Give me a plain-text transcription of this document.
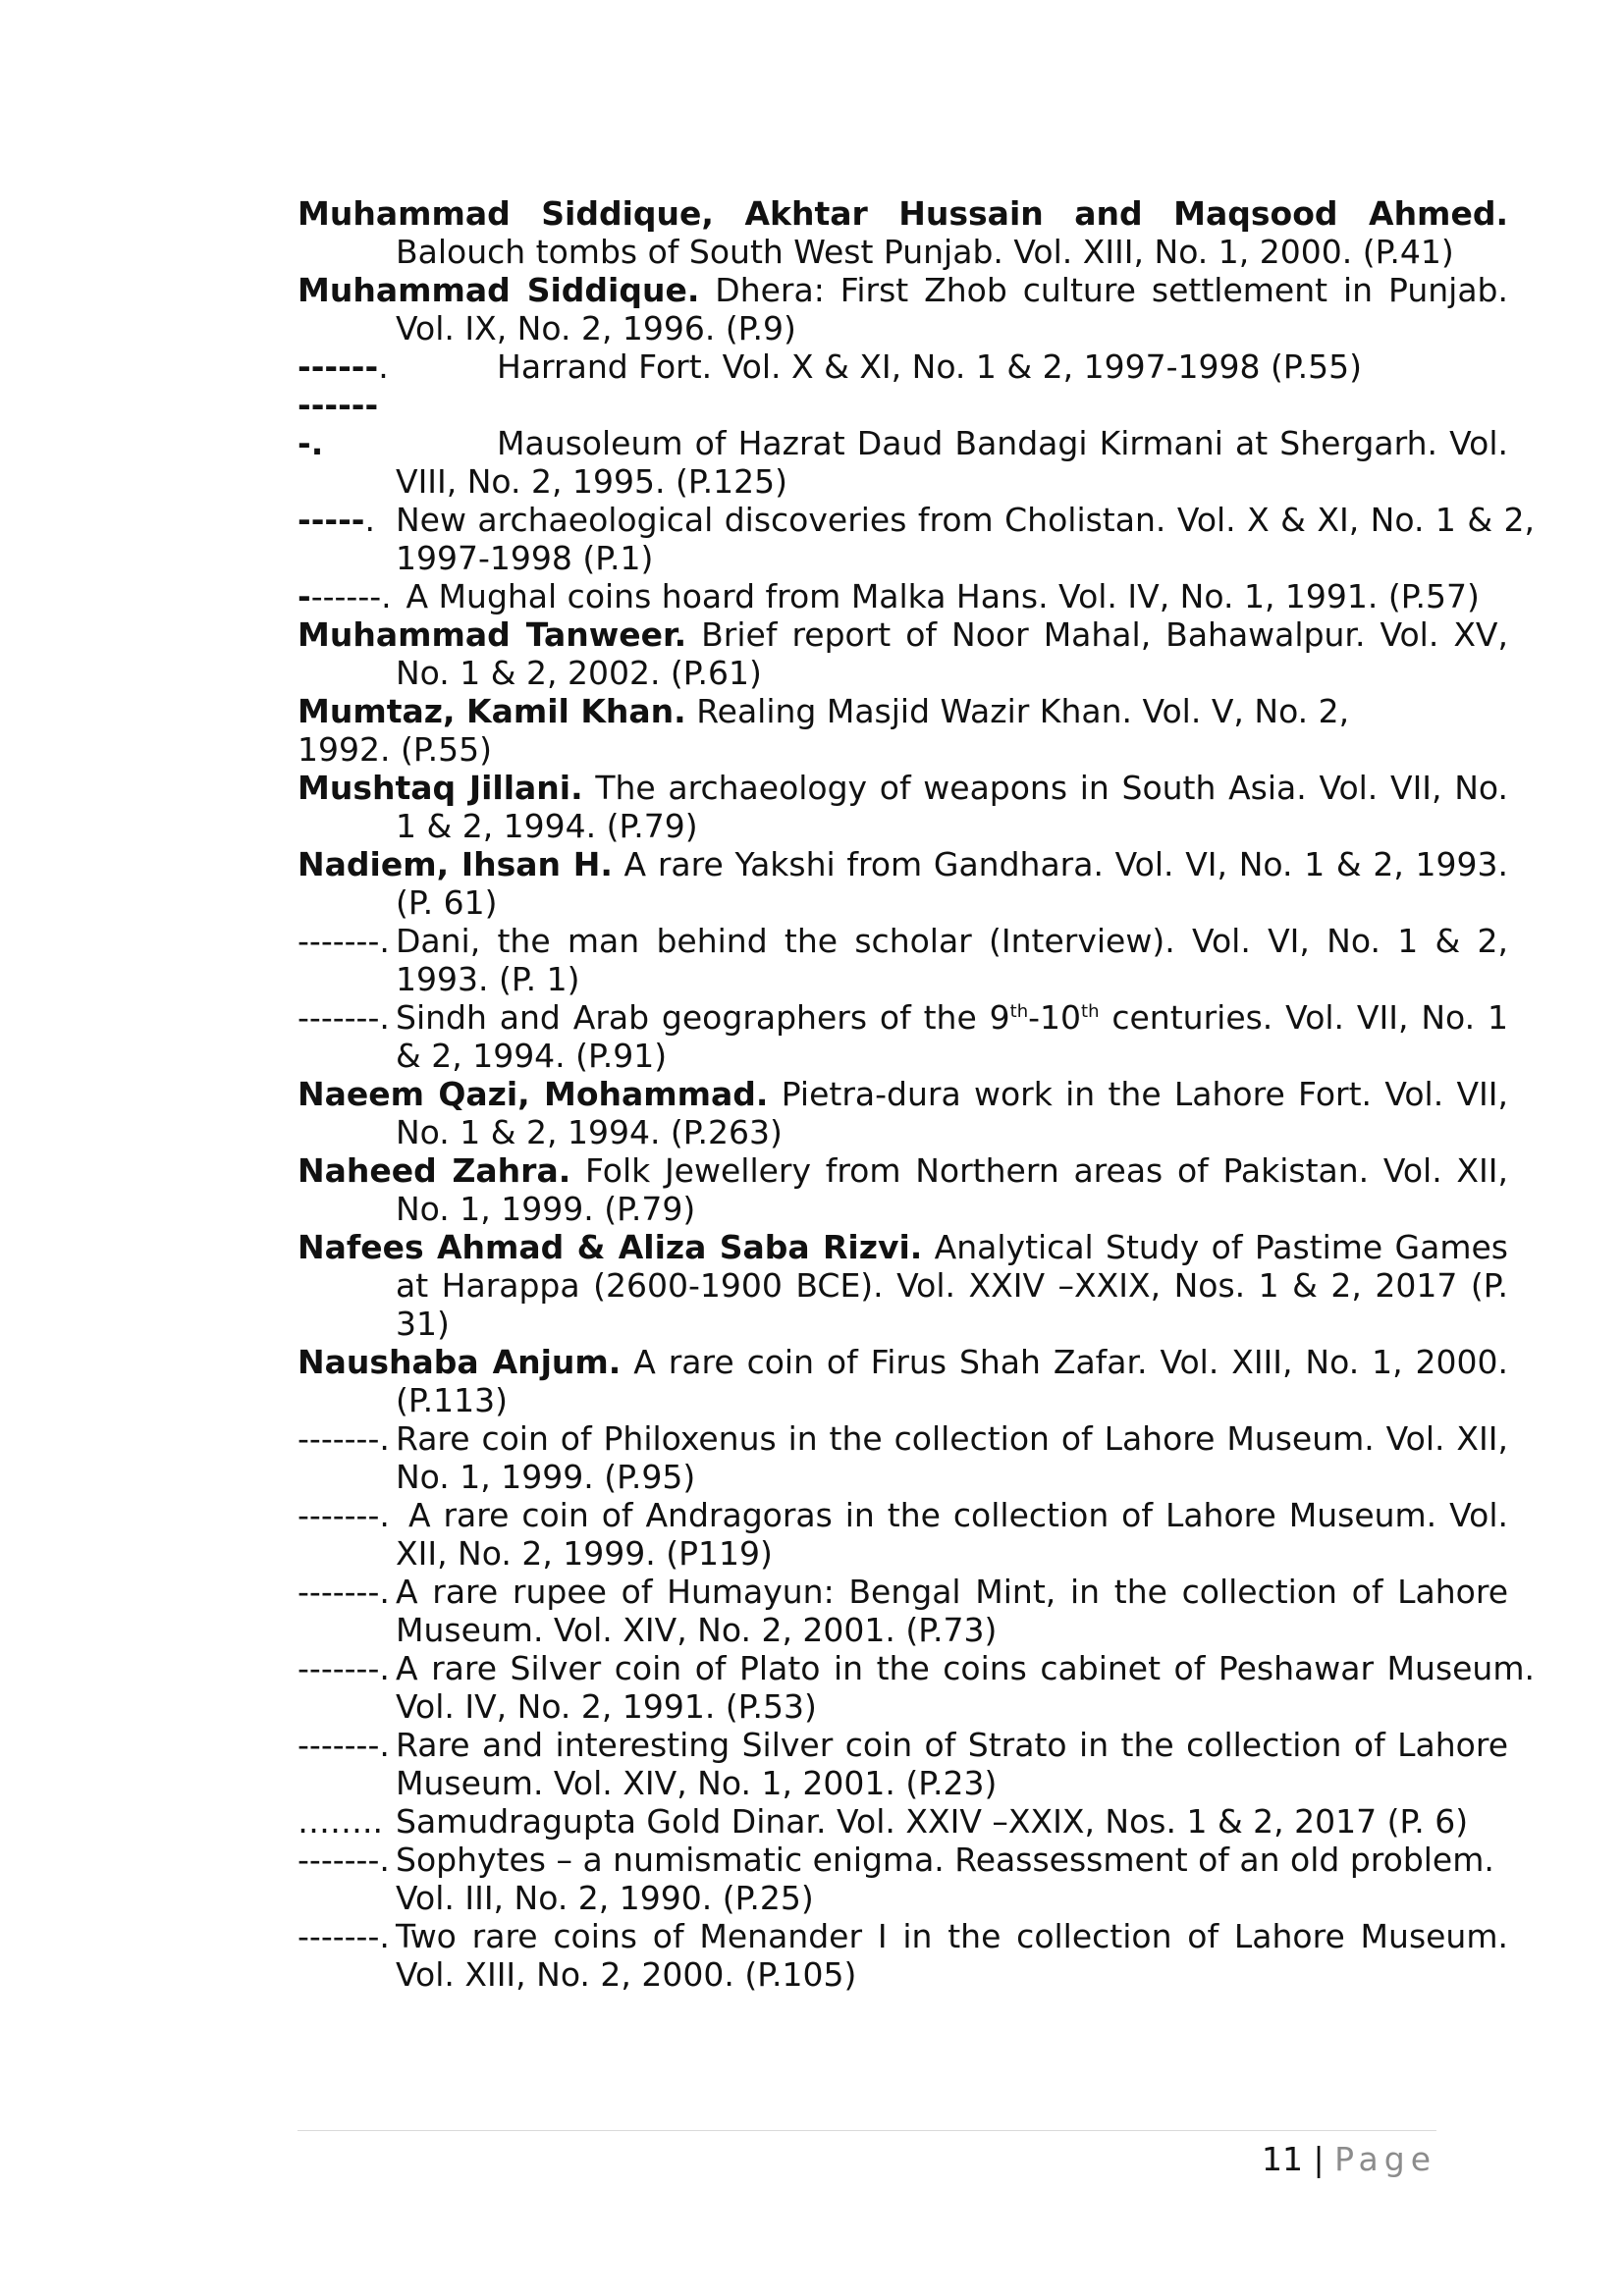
Muhammad Siddique, Akhtar Hussain and Maqsood Ahmed. Balouch tombs of South West Punjab. Vol. XIII, No. 1, 2000. (P.41)
Muhammad Siddique. Dhera: First Zhob culture settlement in Punjab. Vol. IX, No. 2, 1996. (P.9)
------.	Harrand Fort. Vol. X & XI, No. 1 & 2, 1997-1998 (P.55)
-------.	Mausoleum of Hazrat Daud Bandagi Kirmani at Shergarh. Vol. VIII, No. 2, 1995. (P.125)
-----. New archaeological discoveries from Cholistan. Vol. X & XI, No. 1 & 2, 1997-1998 (P.1)
-------. A Mughal coins hoard from Malka Hans. Vol. IV, No. 1, 1991. (P.57)
Muhammad Tanweer. Brief report of Noor Mahal, Bahawalpur. Vol. XV, No. 1 & 2, 2002. (P.61)
Mumtaz, Kamil Khan. Realing Masjid Wazir Khan. Vol. V, No. 2, 1992. (P.55)
Mushtaq Jillani. The archaeology of weapons in South Asia. Vol. VII, No. 1 & 2, 1994. (P.79)
Nadiem, Ihsan H. A rare Yakshi from Gandhara. Vol. VI, No. 1 & 2, 1993. (P. 61)
-------. Dani, the man behind the scholar (Interview). Vol. VI, No. 1 & 2, 1993. (P. 1)
-------. Sindh and Arab geographers of the 9th-10th centuries. Vol. VII, No. 1 & 2, 1994. (P.91)
Naeem Qazi, Mohammad. Pietra-dura work in the Lahore Fort. Vol. VII, No. 1 & 2, 1994. (P.263)
Naheed Zahra. Folk Jewellery from Northern areas of Pakistan. Vol. XII, No. 1, 1999. (P.79)
Nafees Ahmad & Aliza Saba Rizvi. Analytical Study of Pastime Games at Harappa (2600-1900 BCE). Vol. XXIV –XXIX, Nos. 1 & 2, 2017 (P. 31)
Naushaba Anjum. A rare coin of Firus Shah Zafar. Vol. XIII, No. 1, 2000. (P.113)
-------. Rare coin of Philoxenus in the collection of Lahore Museum. Vol. XII, No. 1, 1999. (P.95)
-------. A rare coin of Andragoras in the collection of Lahore Museum. Vol. XII, No. 2, 1999. (P119)
-------. A rare rupee of Humayun: Bengal Mint, in the collection of Lahore Museum. Vol. XIV, No. 2, 2001. (P.73)
-------. A rare Silver coin of Plato in the coins cabinet of Peshawar Museum. Vol. IV, No. 2, 1991. (P.53)
-------. Rare and interesting Silver coin of Strato in the collection of Lahore Museum. Vol. XIV, No. 1, 2001. (P.23)
…….. Samudragupta Gold Dinar. Vol. XXIV –XXIX, Nos. 1 & 2, 2017 (P. 6)
-------. Sophytes – a numismatic enigma. Reassessment of an old problem. Vol. III, No. 2, 1990. (P.25)
-------. Two rare coins of Menander I in the collection of Lahore Museum. Vol. XIII, No. 2, 2000. (P.105)
11 | Page
